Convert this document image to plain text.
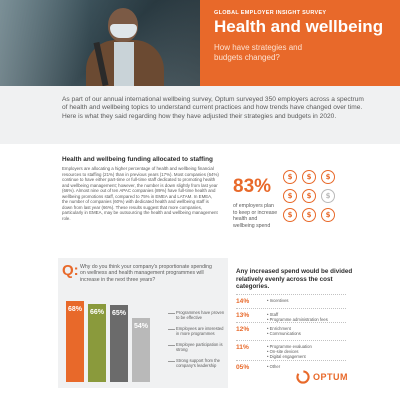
GLOBAL EMPLOYER INSIGHT SURVEY
Health and wellbeing
How have strategies and budgets changed?

As part of our annual international wellbeing survey, Optum surveyed 350 employers across a spectrum of health and wellbeing topics to understand current practices and how trends have changed over time. Here is what they said regarding how they have adjusted their strategies and budgets in 2020.

Health and wellbeing funding allocated to staffing
Employers are allocating a higher percentage of health and wellbeing financial resources to staffing (21%) than in previous years (17%). Most companies (64%) continue to have either part-time or full-time staff dedicated to promoting health and wellbeing management; however, the number is down slightly from last year (66%). Almost nine out of ten APAC companies (89%) have full-time health and wellbeing promotions staff, compared to 75% in EMEA and LATAM. In EMEA, the number of companies (60%) with dedicated health and wellbeing staff is down from last year (66%). These results suggest that more companies, particularly in EMEA, may be outsourcing the health and wellbeing management role.
83%
of employers plan to keep or increase health and wellbeing spend
$	$	$
$	$	$
$	$	$
Q: Why do you think your company's proportionate spending on wellness and health management programmes will increase in the next three years?
68%	Programmes have proven to be effective
66%
Employees are interested in more programmes
65%
Employee participation is strong
54%
Strong support from the company's leadership
Any increased spend would be divided relatively evenly across the cost categories.
14%	• Incentives
13%	• Staff
• Programme administration fees
12%	• Enrichment
• Communications
11%	• Programme evaluation
• On-site devices
• Digital engagement
05%	• Other
OPTUM
